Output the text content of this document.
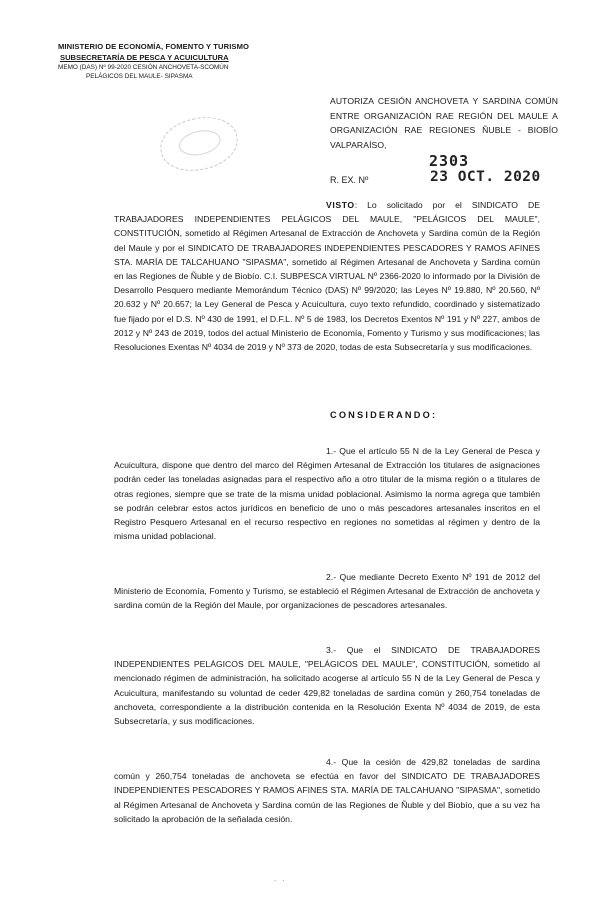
MINISTERIO DE ECONOMÍA, FOMENTO Y TURISMO
SUBSECRETARÍA DE PESCA Y ACUICULTURA
MEMO (DAS) Nº 99-2020 CESIÓN ANCHOVETA-SCOMÚN
PELÁGICOS DEL MAULE- SIPASMA
AUTORIZA CESIÓN ANCHOVETA Y SARDINA COMÚN ENTRE ORGANIZACIÓN RAE REGIÓN DEL MAULE A ORGANIZACIÓN RAE REGIONES ÑUBLE - BIOBÍO VALPARAÍSO,
2303
R. EX. Nº	23 OCT. 2020
VISTO: Lo solicitado por el SINDICATO DE TRABAJADORES INDEPENDIENTES PELÁGICOS DEL MAULE, "PELÁGICOS DEL MAULE", CONSTITUCIÓN, sometido al Régimen Artesanal de Extracción de Anchoveta y Sardina común de la Región del Maule y por el SINDICATO DE TRABAJADORES INDEPENDIENTES PESCADORES Y RAMOS AFINES STA. MARÍA DE TALCAHUANO "SIPASMA", sometido al Régimen Artesanal de Anchoveta y Sardina común en las Regiones de Ñuble y de Biobío. C.I. SUBPESCA VIRTUAL Nº 2366-2020 lo informado por la División de Desarrollo Pesquero mediante Memorándum Técnico (DAS) Nº 99/2020; las Leyes Nº 19.880, Nº 20.560, Nº 20.632 y Nº 20.657; la Ley General de Pesca y Acuicultura, cuyo texto refundido, coordinado y sistematizado fue fijado por el D.S. Nº 430 de 1991, el D.F.L. Nº 5 de 1983, los Decretos Exentos Nº 191 y Nº 227, ambos de 2012 y Nº 243 de 2019, todos del actual Ministerio de Economía, Fomento y Turismo y sus modificaciones; las Resoluciones Exentas Nº 4034 de 2019 y Nº 373 de 2020, todas de esta Subsecretaría y sus modificaciones.
CONSIDERANDO:
1.- Que el artículo 55 N de la Ley General de Pesca y Acuicultura, dispone que dentro del marco del Régimen Artesanal de Extracción los titulares de asignaciones podrán ceder las toneladas asignadas para el respectivo año a otro titular de la misma región o a titulares de otras regiones, siempre que se trate de la misma unidad poblacional. Asimismo la norma agrega que también se podrán celebrar estos actos jurídicos en beneficio de uno o más pescadores artesanales inscritos en el Registro Pesquero Artesanal en el recurso respectivo en regiones no sometidas al régimen y dentro de la misma unidad poblacional.
2.- Que mediante Decreto Exento Nº 191 de 2012 del Ministerio de Economía, Fomento y Turismo, se estableció el Régimen Artesanal de Extracción de anchoveta y sardina común de la Región del Maule, por organizaciones de pescadores artesanales.
3.- Que el SINDICATO DE TRABAJADORES INDEPENDIENTES PELÁGICOS DEL MAULE, "PELÁGICOS DEL MAULE", CONSTITUCIÓN, sometido al mencionado régimen de administración, ha solicitado acogerse al artículo 55 N de la Ley General de Pesca y Acuicultura, manifestando su voluntad de ceder 429,82 toneladas de sardina común y 260,754 toneladas de anchoveta, correspondiente a la distribución contenida en la Resolución Exenta Nº 4034 de 2019, de esta Subsecretaría, y sus modificaciones.
4.- Que la cesión de 429,82 toneladas de sardina común y 260,754 toneladas de anchoveta se efectúa en favor del SINDICATO DE TRABAJADORES INDEPENDIENTES PESCADORES Y RAMOS AFINES STA. MARÍA DE TALCAHUANO "SIPASMA", sometido al Régimen Artesanal de Anchoveta y Sardina común de las Regiones de Ñuble y del Biobío, que a su vez ha solicitado la aprobación de la señalada cesión.
. .
